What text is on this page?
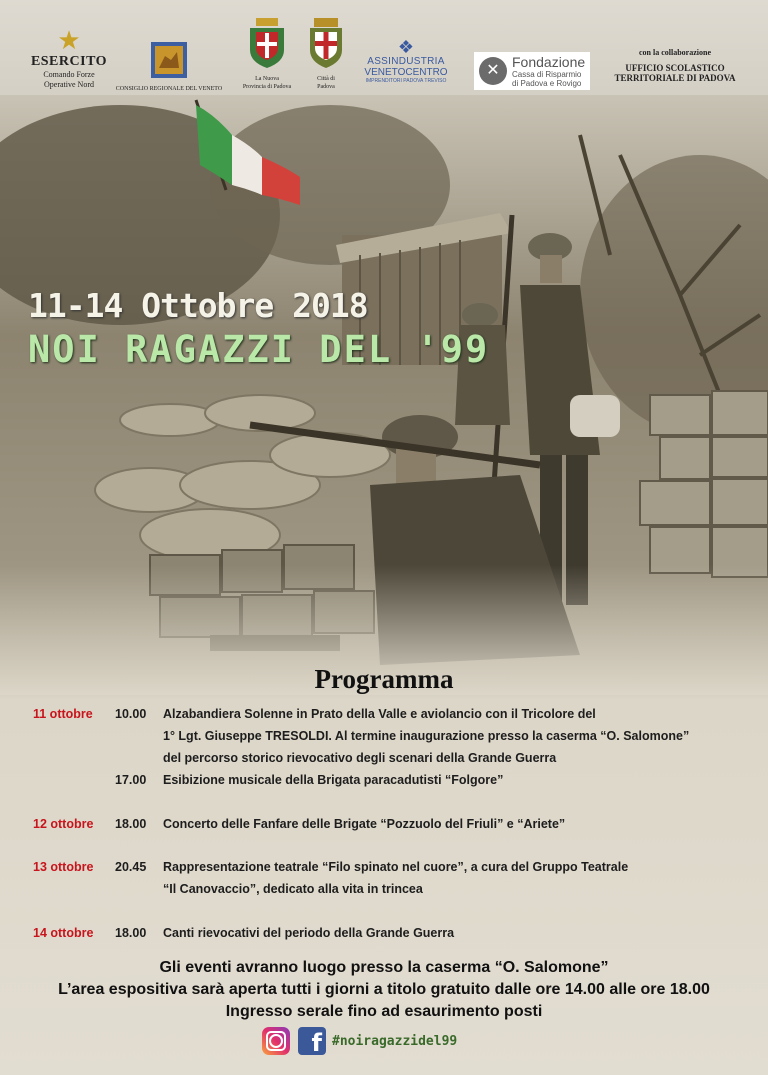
★
ESERCITO
Comando Forze
Operative Nord	CONSIGLIO REGIONALE DEL VENETO
La Nuova
Provincia di Padova
Città di
Padova
❖
ASSINDUSTRIA
VENETOCENTRO
IMPRENDITORI PADOVA TREVISO
✕ Fondazione
Cassa di Risparmio
di Padova e Rovigo
con la collaborazione
UFFICIO SCOLASTICO
TERRITORIALE DI PADOVA
11-14 Ottobre 2018
NOI RAGAZZI DEL '99
Programma
11 ottobre 10.00 Alzabandiera Solenne in Prato della Valle e aviolancio con il Tricolore del
1° Lgt. Giuseppe TRESOLDI. Al termine inaugurazione presso la caserma “O. Salomone”
del percorso storico rievocativo degli scenari della Grande Guerra
17.00 Esibizione musicale della Brigata paracadutisti “Folgore”
12 ottobre 18.00 Concerto delle Fanfare delle Brigate “Pozzuolo del Friuli” e “Ariete”
13 ottobre 20.45 Rappresentazione teatrale “Filo spinato nel cuore”, a cura del Gruppo Teatrale
“Il Canovaccio”, dedicato alla vita in trincea
14 ottobre 18.00 Canti rievocativi del periodo della Grande Guerra
Gli eventi avranno luogo presso la caserma “O. Salomone”
L’area espositiva sarà aperta tutti i giorni a titolo gratuito dalle ore 14.00 alle ore 18.00
Ingresso serale fino ad esaurimento posti
f #noiragazzidel99
